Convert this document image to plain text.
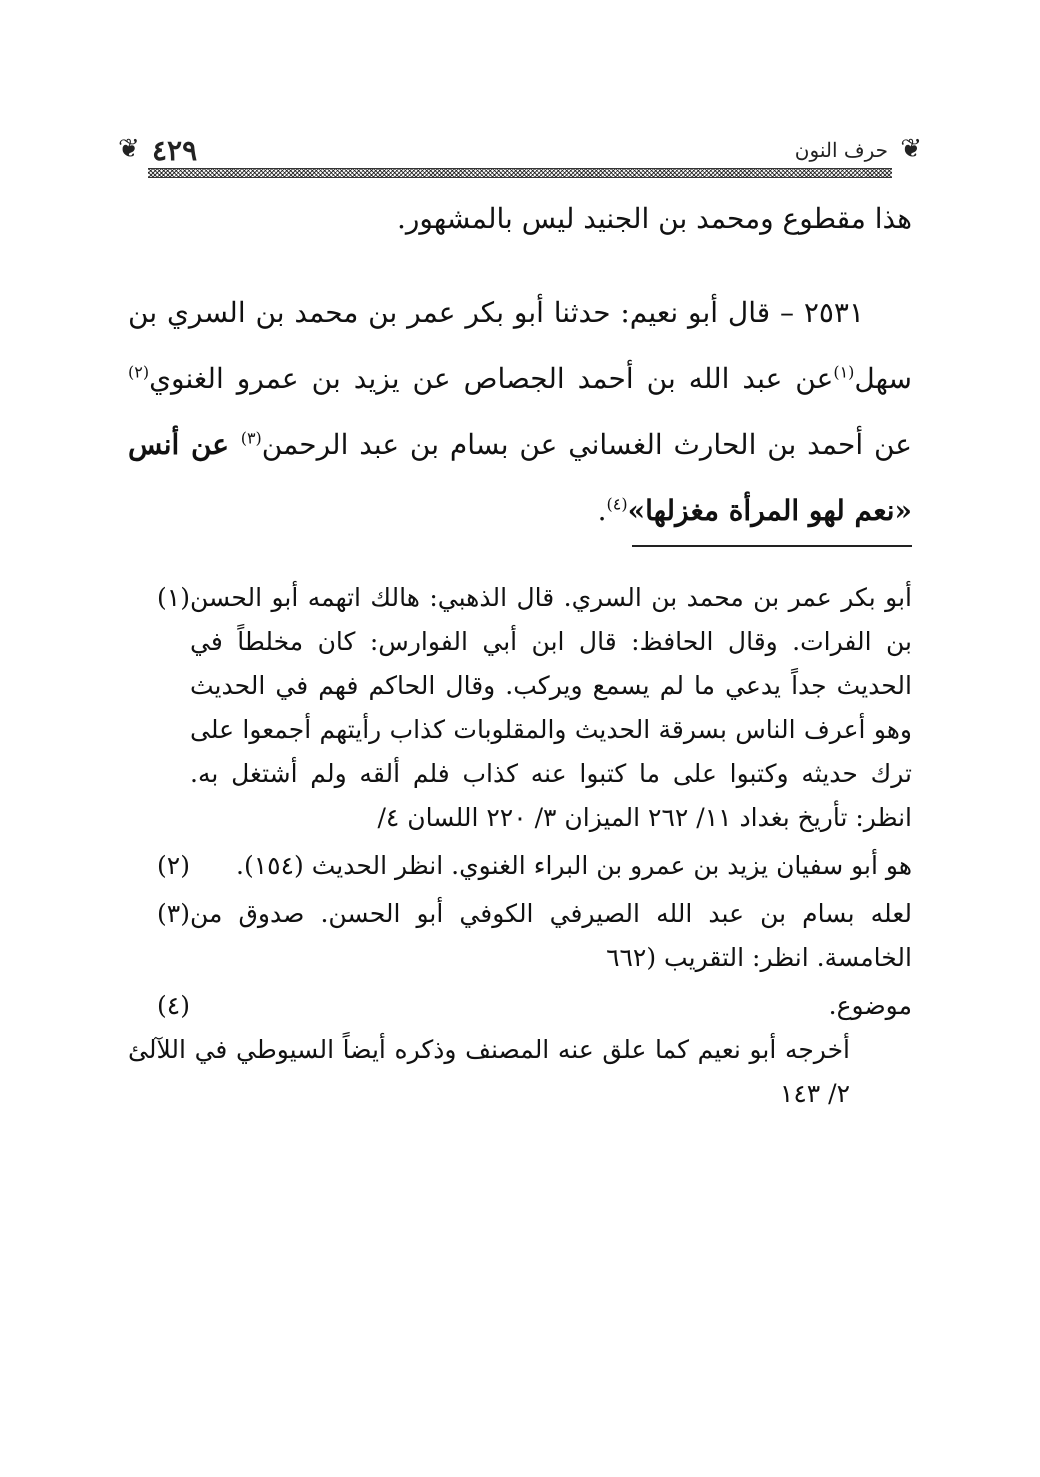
❦
حرف النون
٤٢٩
❦

هذا مقطوع ومحمد بن الجنيد ليس بالمشهور.

٢٥٣١ – قال أبو نعيم: حدثنا أبو بكر عمر بن محمد بن السري بن سهل$^{(١)}$عن عبد الله بن أحمد الجصاص عن يزيد بن عمرو الغنوي$^{(٢)}$ عن أحمد بن الحارث الغساني عن بسام بن عبد الرحمن$^{(٣)}$ عن أنس «نعم لهو المرأة مغزلها»$^{(٤)}$.

(١) أبو بكر عمر بن محمد بن السري. قال الذهبي: هالك اتهمه أبو الحسن بن الفرات. وقال الحافظ: قال ابن أبي الفوارس: كان مخلطاً في الحديث جداً يدعي ما لم يسمع ويركب. وقال الحاكم فهم في الحديث وهو أعرف الناس بسرقة الحديث والمقلوبات كذاب رأيتهم أجمعوا على ترك حديثه وكتبوا على ما كتبوا عنه كذاب فلم ألقه ولم أشتغل به. انظر: تأريخ بغداد ١١/ ٢٦٢ الميزان ٣/ ٢٢٠ اللسان ٤/
(٢)	هو أبو سفيان يزيد بن عمرو بن البراء الغنوي. انظر الحديث (١٥٤).
(٣) لعله بسام بن عبد الله الصيرفي الكوفي أبو الحسن. صدوق من الخامسة. انظر: التقريب (٦٦٢
(٤)	موضوع.
أخرجه أبو نعيم كما علق عنه المصنف وذكره أيضاً السيوطي في اللآلئ ٢/ ١٤٣
